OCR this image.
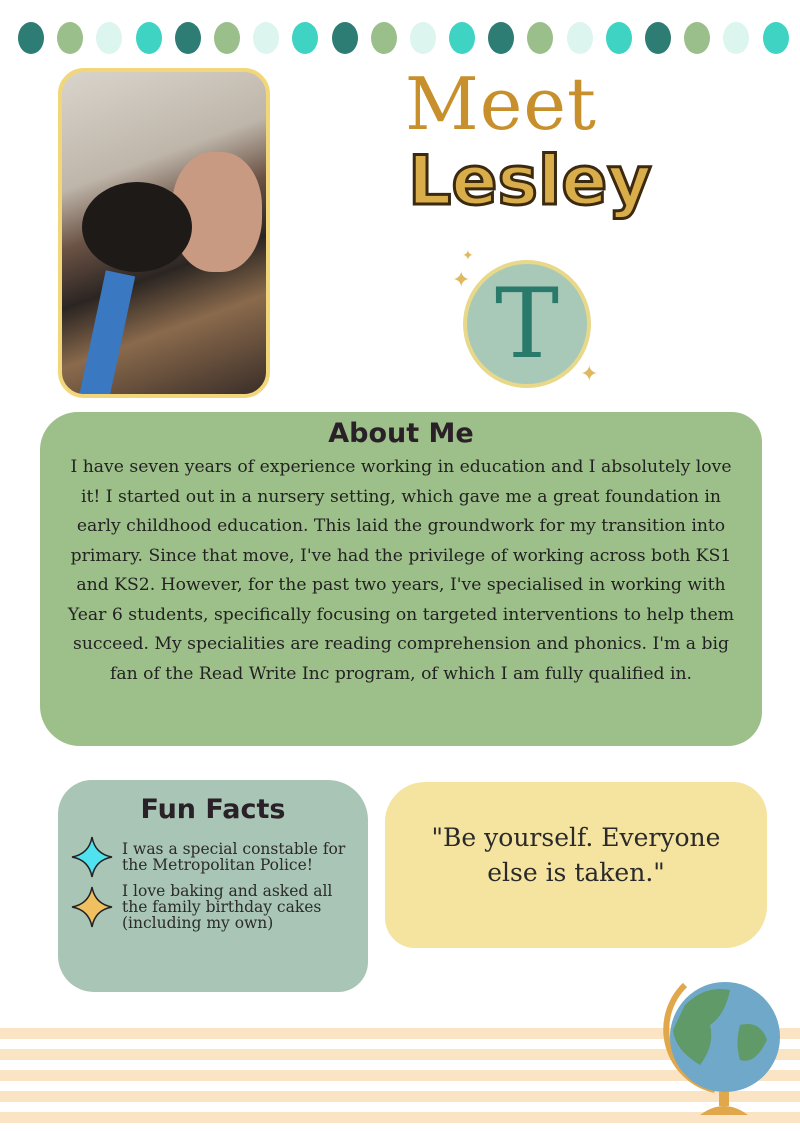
Meet
Lesley
✦
✦
✦
T
About Me

I have seven years of experience working in education and I absolutely love it! I started out in a nursery setting, which gave me a great foundation in early childhood education. This laid the groundwork for my transition into primary. Since that move, I've had the privilege of working across both KS1 and KS2. However, for the past two years, I've specialised in working with Year 6 students, specifically focusing on targeted interventions to help them succeed. My specialities are reading comprehension and phonics. I'm a big fan of the Read Write Inc program, of which I am fully qualified in.

Fun Facts
I was a special constable for the Metropolitan Police!
I love baking and asked all the family birthday cakes (including my own)
"Be yourself. Everyone else is taken."
